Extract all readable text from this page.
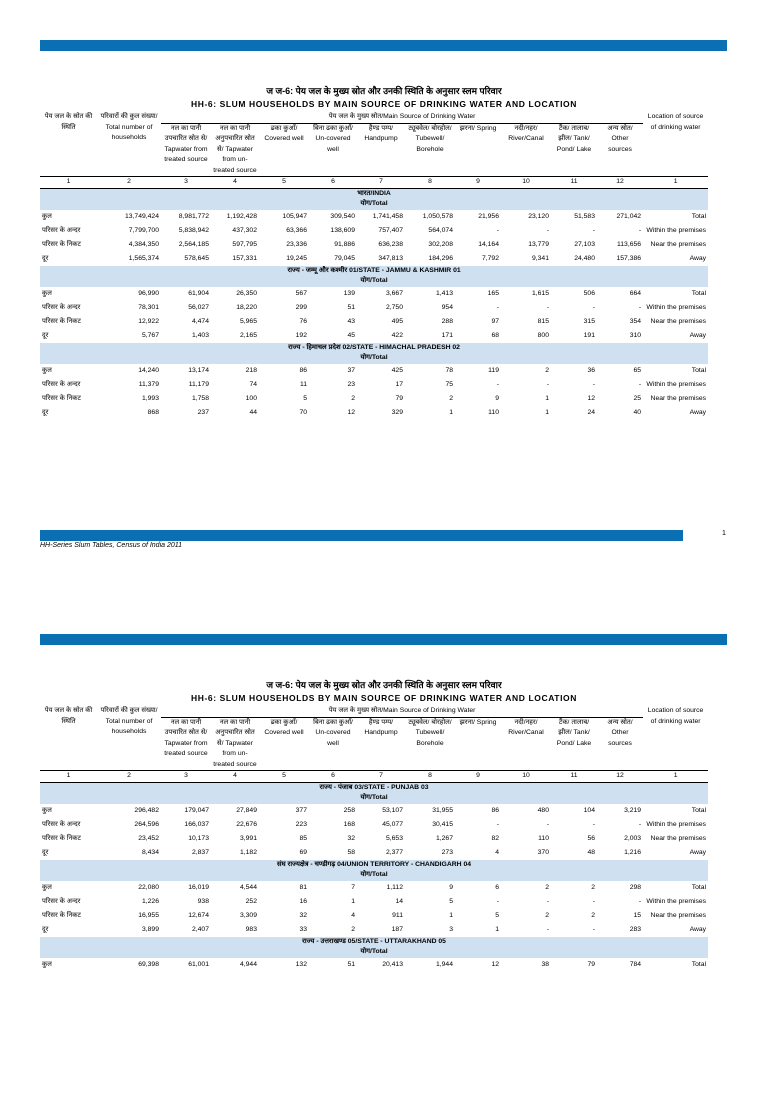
ज ज-6: पेय जल के मुख्य स्रोत और उनकी स्थिति के अनुसार स्लम परिवार
HH-6: SLUM HOUSEHOLDS BY MAIN SOURCE OF DRINKING WATER AND LOCATION
पेय जल के स्रोत की स्थिति	परिवारों की कुल संख्या/ Total number of households	पेय जल के मुख्य स्रोत/Main Source of Drinking Water										Location of source of drinking water
		नल का पानी उपचारित स्रोत से/ Tapwater from treated source	नल का पानी अनुपचारित स्रोत से/ Tapwater from un-treated source	ढका कुआँ/ Covered well	बिना ढका कुआँ/ Un-covered well	हैण्ड पम्प/ Handpump	ट्यूबवेल/ बोरहोल/ Tubewell/ Borehole	झरना/ Spring	नदी/नहर/ River/Canal	टैंक/ तालाब/ झील/ Tank/ Pond/ Lake	अन्य स्रोत/ Other sources	
1	2	3	4	5	6	7	8	9	10	11	12	1
भारत/INDIA												
योग/Total												
कुल	13,749,424	8,981,772	1,192,428	105,947	309,540	1,741,458	1,050,578	21,956	23,120	51,583	271,042	Total
परिसर के अन्दर	7,799,700	5,838,942	437,302	63,366	138,609	757,407	564,074	-	-	-	-	Within the premises
परिसर के निकट	4,384,350	2,564,185	597,795	23,336	91,886	636,238	302,208	14,164	13,779	27,103	113,656	Near the premises
दूर	1,565,374	578,645	157,331	19,245	79,045	347,813	184,296	7,792	9,341	24,480	157,386	Away
राज्य - जम्मू और कश्मीर 01/STATE - JAMMU & KASHMIR 01												
योग/Total												
कुल	96,990	61,904	26,350	567	139	3,667	1,413	165	1,615	506	664	Total
परिसर के अन्दर	78,301	56,027	18,220	299	51	2,750	954	-	-	-	-	Within the premises
परिसर के निकट	12,922	4,474	5,965	76	43	495	288	97	815	315	354	Near the premises
दूर	5,767	1,403	2,165	192	45	422	171	68	800	191	310	Away
राज्य - हिमाचल प्रदेश 02/STATE - HIMACHAL PRADESH 02												
योग/Total												
कुल	14,240	13,174	218	86	37	425	78	119	2	36	65	Total
परिसर के अन्दर	11,379	11,179	74	11	23	17	75	-	-	-	-	Within the premises
परिसर के निकट	1,993	1,758	100	5	2	79	2	9	1	12	25	Near the premises
दूर	868	237	44	70	12	329	1	110	1	24	40	Away
1
HH-Series Slum Tables, Census of India 2011
ज ज-6: पेय जल के मुख्य स्रोत और उनकी स्थिति के अनुसार स्लम परिवार
HH-6: SLUM HOUSEHOLDS BY MAIN SOURCE OF DRINKING WATER AND LOCATION
पेय जल के स्रोत की स्थिति	परिवारों की कुल संख्या/ Total number of households	पेय जल के मुख्य स्रोत/Main Source of Drinking Water										Location of source of drinking water
		नल का पानी उपचारित स्रोत से/ Tapwater from treated source	नल का पानी अनुपचारित स्रोत से/ Tapwater from un-treated source	ढका कुआँ/ Covered well	बिना ढका कुआँ/ Un-covered well	हैण्ड पम्प/ Handpump	ट्यूबवेल/ बोरहोल/ Tubewell/ Borehole	झरना/ Spring	नदी/नहर/ River/Canal	टैंक/ तालाब/ झील/ Tank/ Pond/ Lake	अन्य स्रोत/ Other sources	
1	2	3	4	5	6	7	8	9	10	11	12	1
राज्य - पंजाब 03/STATE - PUNJAB 03												
योग/Total												
कुल	296,482	179,047	27,849	377	258	53,107	31,955	86	480	104	3,219	Total
परिसर के अन्दर	264,596	166,037	22,676	223	168	45,077	30,415	-	-	-	-	Within the premises
परिसर के निकट	23,452	10,173	3,991	85	32	5,653	1,267	82	110	56	2,003	Near the premises
दूर	8,434	2,837	1,182	69	58	2,377	273	4	370	48	1,216	Away
संघ राज्यक्षेत्र - चण्डीगढ़ 04/UNION TERRITORY - CHANDIGARH 04												
योग/Total												
कुल	22,080	16,019	4,544	81	7	1,112	9	6	2	2	298	Total
परिसर के अन्दर	1,226	938	252	16	1	14	5	-	-	-	-	Within the premises
परिसर के निकट	16,955	12,674	3,309	32	4	911	1	5	2	2	15	Near the premises
दूर	3,899	2,407	983	33	2	187	3	1	-	-	283	Away
राज्य - उत्तराखण्ड 05/STATE - UTTARAKHAND 05												
योग/Total												
कुल	69,398	61,001	4,944	132	51	20,413	1,944	12	38	79	784	Total
